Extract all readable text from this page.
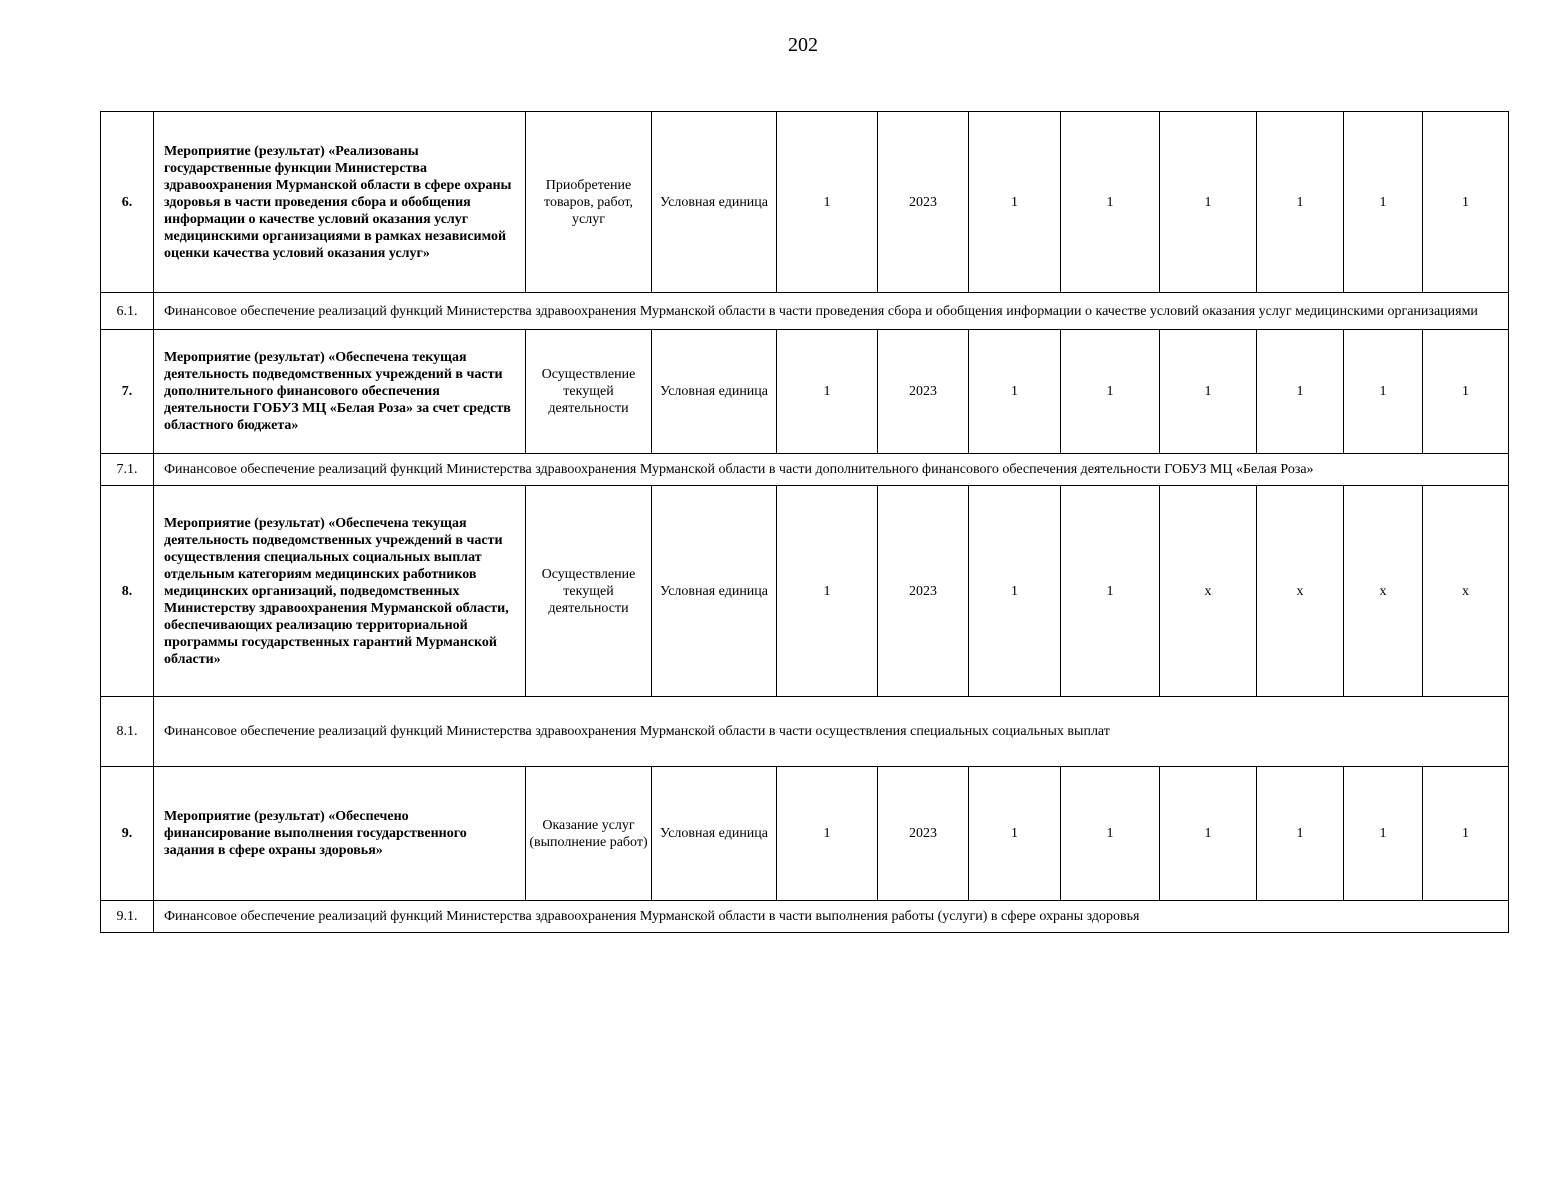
202
6.	Мероприятие (результат) «Реализованы государственные функции Министерства здравоохранения Мурманской области в сфере охраны здоровья в части проведения сбора и обобщения информации о качестве условий оказания услуг медицинскими организациями в рамках независимой оценки качества условий оказания услуг»	Приобретение товаров, работ, услуг	Условная единица	1	2023	1	1	1	1	1	1
6.1.	Финансовое обеспечение реализаций функций Министерства здравоохранения Мурманской области в части проведения сбора и обобщения информации о качестве условий оказания услуг медицинскими организациями										
7.	Мероприятие (результат) «Обеспечена текущая деятельность подведомственных учреждений в части дополнительного финансового обеспечения деятельности ГОБУЗ МЦ «Белая Роза» за счет средств областного бюджета»	Осуществление текущей деятельности	Условная единица	1	2023	1	1	1	1	1	1
7.1.	Финансовое обеспечение реализаций функций Министерства здравоохранения Мурманской области в части дополнительного финансового обеспечения деятельности ГОБУЗ МЦ «Белая Роза»										
8.	Мероприятие (результат) «Обеспечена текущая деятельность подведомственных учреждений в части осуществления специальных социальных выплат отдельным категориям медицинских работников медицинских организаций, подведомственных Министерству здравоохранения Мурманской области, обеспечивающих реализацию территориальной программы государственных гарантий Мурманской области»	Осуществление текущей деятельности	Условная единица	1	2023	1	1	x	x	x	x
8.1.	Финансовое обеспечение реализаций функций Министерства здравоохранения Мурманской области в части осуществления специальных социальных выплат										
9.	Мероприятие (результат) «Обеспечено финансирование выполнения государственного задания в сфере охраны здоровья»	Оказание услуг (выполнение работ)	Условная единица	1	2023	1	1	1	1	1	1
9.1.	Финансовое обеспечение реализаций функций Министерства здравоохранения Мурманской области в части выполнения работы (услуги) в сфере охраны здоровья										
